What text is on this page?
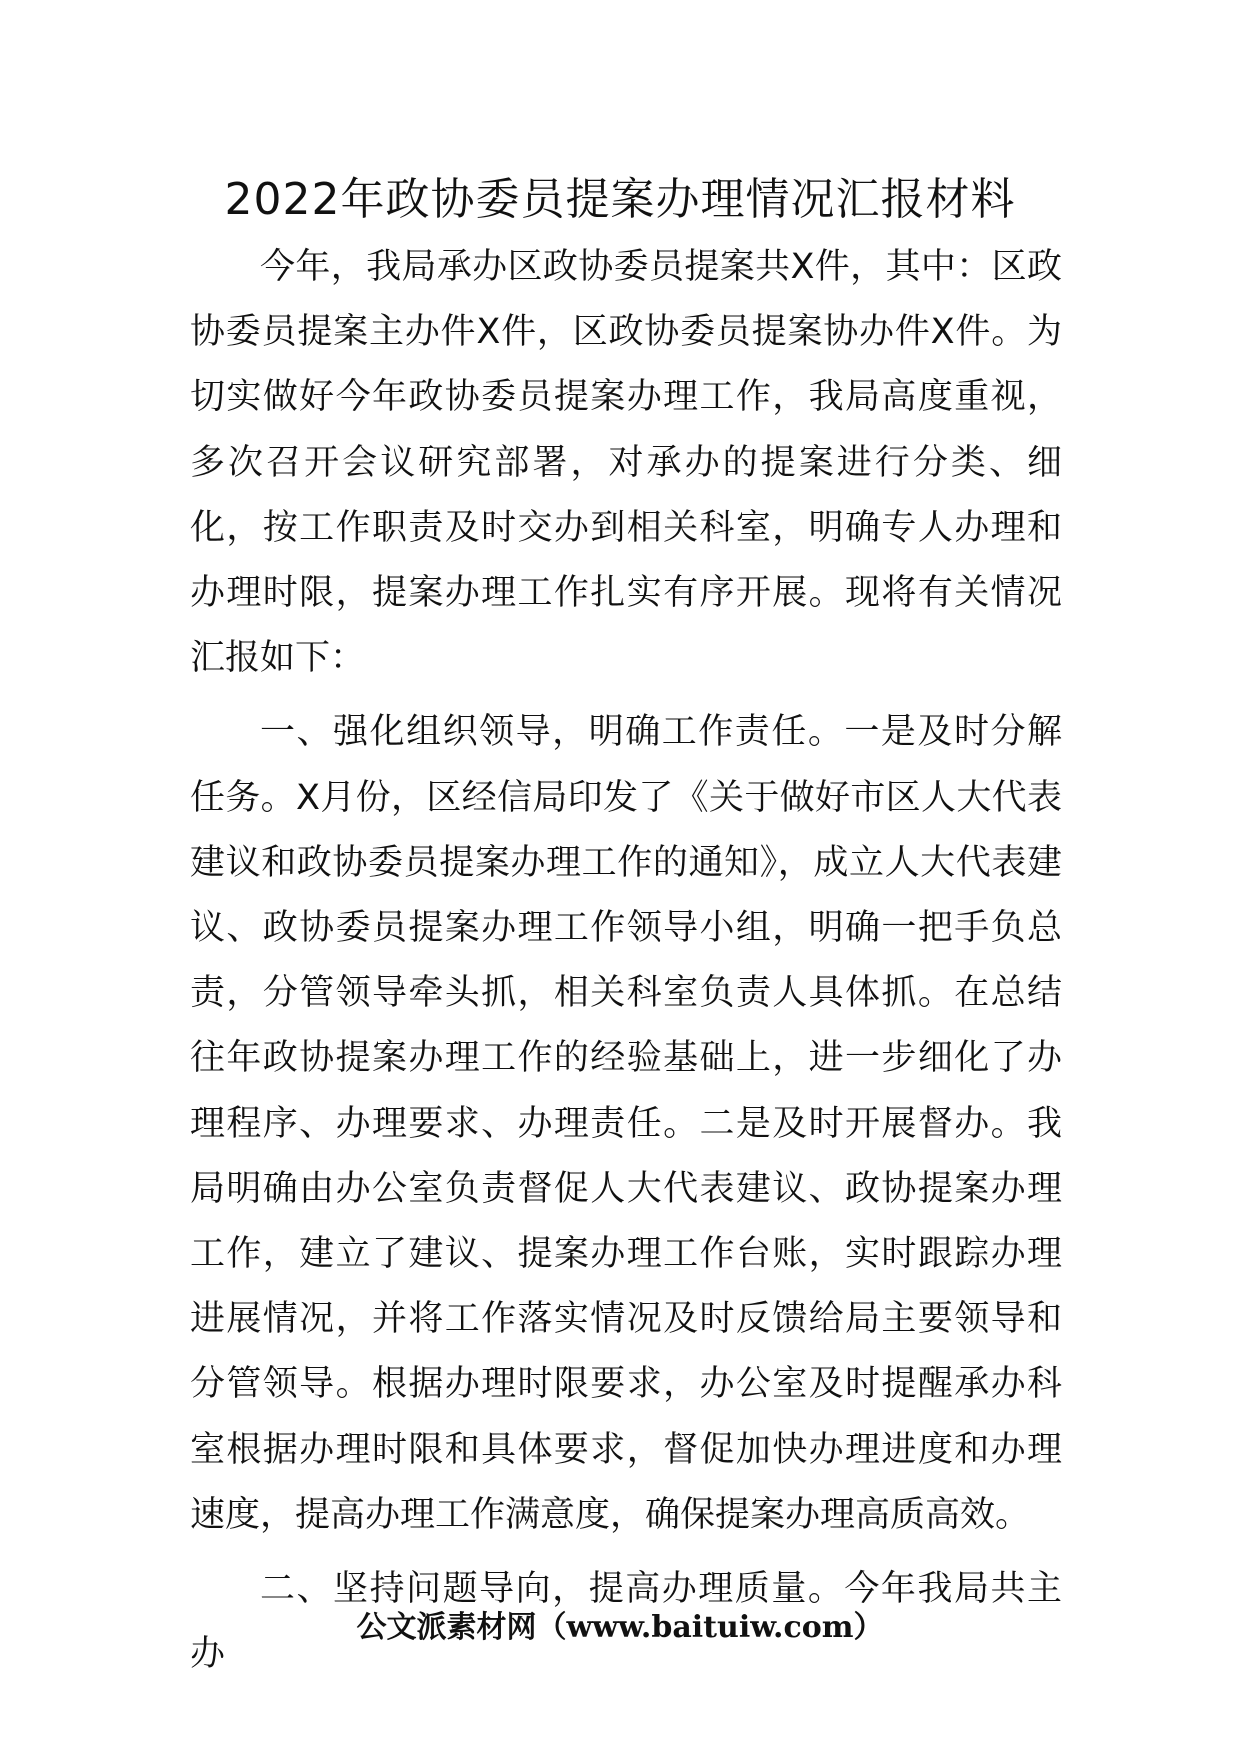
2022年政协委员提案办理情况汇报材料

今年，我局承办区政协委员提案共X件，其中：区政协委员提案主办件X件，区政协委员提案协办件X件。为切实做好今年政协委员提案办理工作，我局高度重视，多次召开会议研究部署，对承办的提案进行分类、细化，按工作职责及时交办到相关科室，明确专人办理和办理时限，提案办理工作扎实有序开展。现将有关情况汇报如下：

一、强化组织领导，明确工作责任。一是及时分解任务。X月份，区经信局印发了《关于做好市区人大代表建议和政协委员提案办理工作的通知》，成立人大代表建议、政协委员提案办理工作领导小组，明确一把手负总责，分管领导牵头抓，相关科室负责人具体抓。在总结往年政协提案办理工作的经验基础上，进一步细化了办理程序、办理要求、办理责任。二是及时开展督办。我局明确由办公室负责督促人大代表建议、政协提案办理工作，建立了建议、提案办理工作台账，实时跟踪办理进展情况，并将工作落实情况及时反馈给局主要领导和分管领导。根据办理时限要求，办公室及时提醒承办科室根据办理时限和具体要求，督促加快办理进度和办理速度，提高办理工作满意度，确保提案办理高质高效。

二、坚持问题导向，提高办理质量。今年我局共主办

公文派素材网（www.baituiw.com）
